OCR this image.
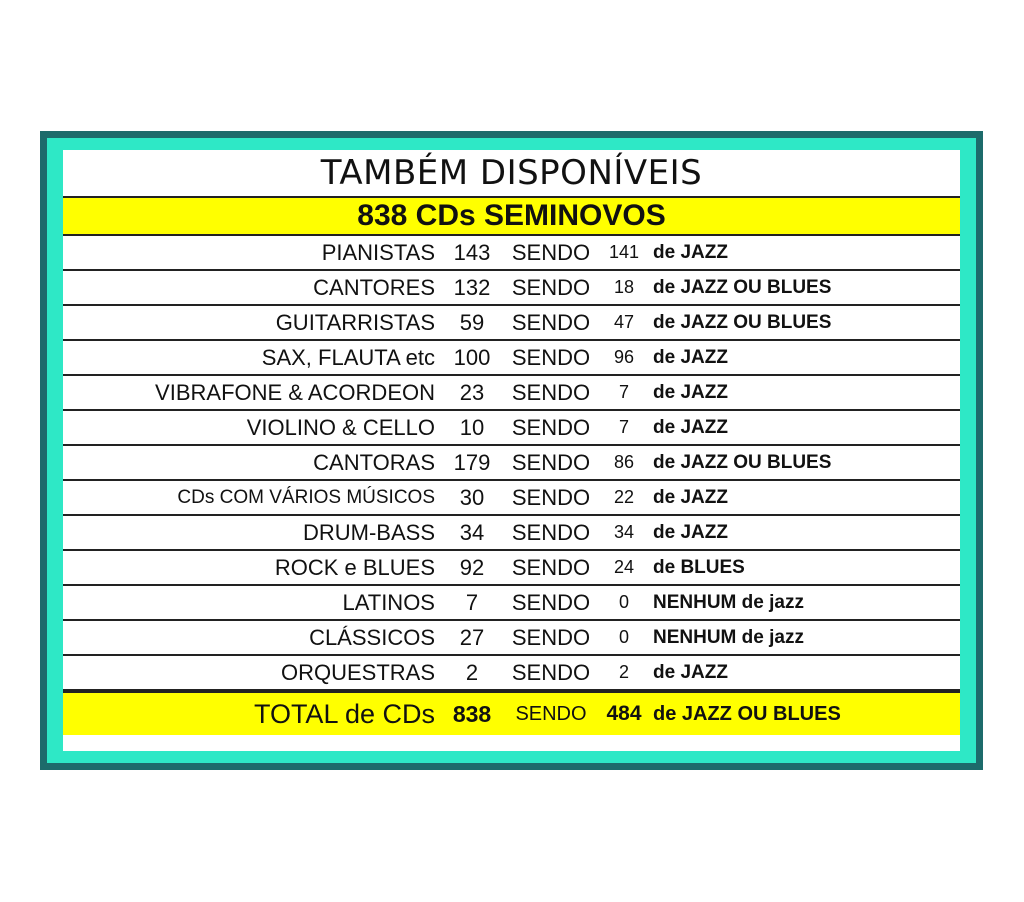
TAMBÉM DISPONÍVEIS
838 CDs SEMINOVOS
PIANISTAS 143 SENDO	141 de JAZZ
CANTORES 132 SENDO	18 de JAZZ OU BLUES
GUITARRISTAS	59	SENDO	47 de JAZZ OU BLUES
SAX, FLAUTA etc 100 SENDO	96 de JAZZ
VIBRAFONE & ACORDEON	23	SENDO	7	de JAZZ
VIOLINO & CELLO	10	SENDO	7	de JAZZ
CANTORAS 179 SENDO	86 de JAZZ OU BLUES
CDs COM VÁRIOS MÚSICOS	30	SENDO	22 de JAZZ
DRUM-BASS	34	SENDO	34 de JAZZ
ROCK e BLUES	92	SENDO	24 de BLUES
LATINOS	7	SENDO	0	NENHUM de jazz
CLÁSSICOS	27	SENDO	0	NENHUM de jazz
ORQUESTRAS	2	SENDO	2	de JAZZ
TOTAL de CDs 838	SENDO 484 de JAZZ OU BLUES
